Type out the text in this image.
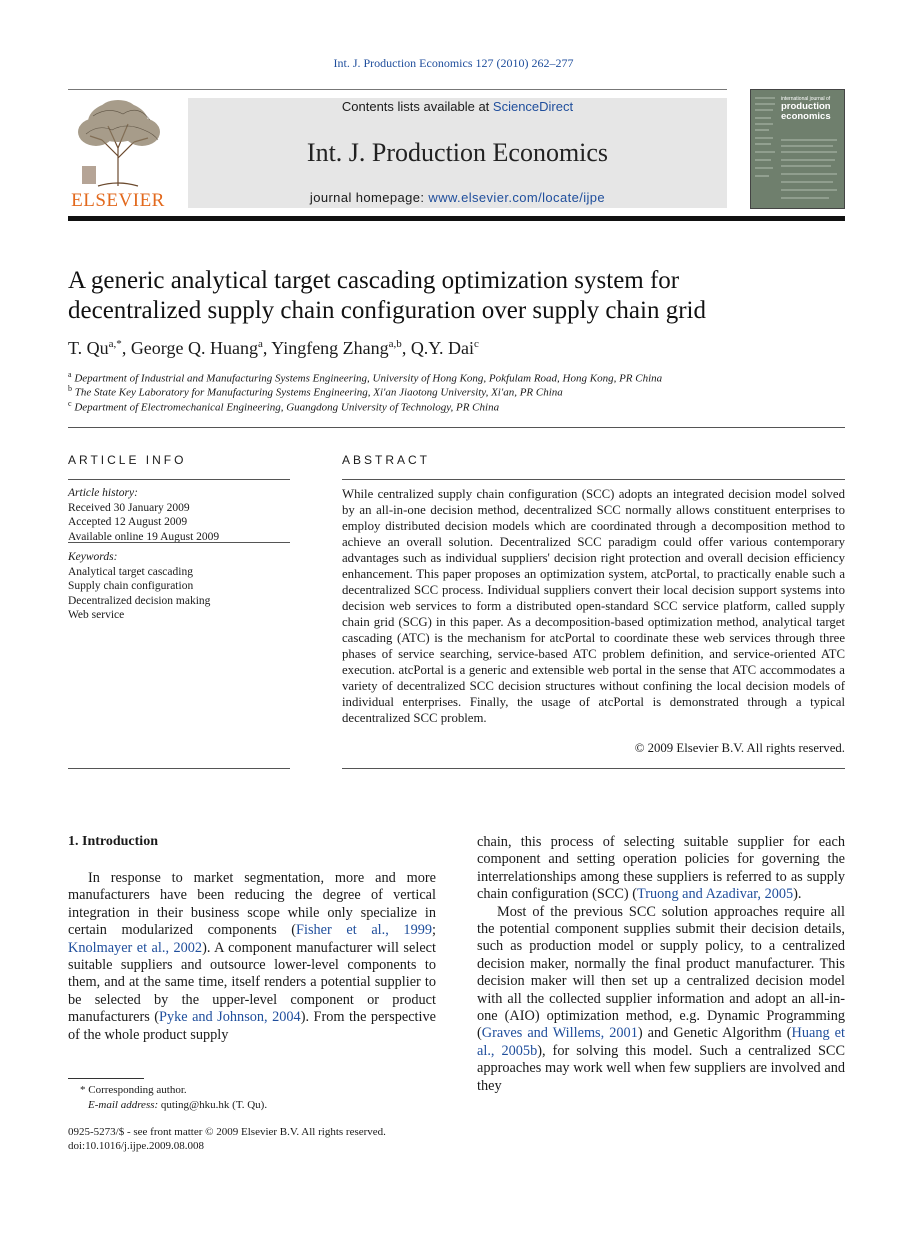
Int. J. Production Economics 127 (2010) 262–277
ELSEVIER
Contents lists available at ScienceDirect
Int. J. Production Economics
journal homepage: www.elsevier.com/locate/ijpe
international journal of
production
economics
A generic analytical target cascading optimization system for
decentralized supply chain configuration over supply chain grid
T. $Qu^{a,*}$, George Q. Huang$^a$, Yingfeng Zhang$^{a,b}$, Q.Y. Dai$^c$
$^a$ Department of Industrial and Manufacturing Systems Engineering, University of Hong Kong, Pokfulam Road, Hong Kong, PR China
$^b$ The State Key Laboratory for Manufacturing Systems Engineering, Xi'an Jiaotong University, Xi'an, PR China
$^c$ Department of Electromechanical Engineering, Guangdong University of Technology, PR China
ARTICLE INFO
Article history:
Received 30 January 2009
Accepted 12 August 2009
Available online 19 August 2009
Keywords:
Analytical target cascading
Supply chain configuration
Decentralized decision making
Web service
ABSTRACT
While centralized supply chain configuration (SCC) adopts an integrated decision model solved by an all-in-one decision method, decentralized SCC normally allows constituent enterprises to employ distributed decision models which are coordinated through a decomposition method to achieve an overall solution. Decentralized SCC paradigm could offer various contemporary advantages such as individual suppliers' decision right protection and overall decision efficiency enhancement. This paper proposes an optimization system, atcPortal, to practically enable such a decentralized SCC process. Individual suppliers convert their local decision support systems into decision web services to form a distributed open-standard SCC service platform, called supply chain grid (SCG) in this paper. As a decomposition-based optimization method, analytical target cascading (ATC) is the mechanism for atcPortal to coordinate these web services through three phases of service searching, service-based ATC problem definition, and service-oriented ATC execution. atcPortal is a generic and extensible web portal in the sense that ATC accommodates a variety of decentralized SCC decision structures without confining the local decision models of individual enterprises. Finally, the usage of atcPortal is demonstrated through a typical decentralized SCC problem.
© 2009 Elsevier B.V. All rights reserved.
1. Introduction

In response to market segmentation, more and more manufacturers have been reducing the degree of vertical integration in their business scope while only specialize in certain modularized components (Fisher et al., 1999; Knolmayer et al., 2002). A component manufacturer will select suitable suppliers and outsource lower-level components to them, and at the same time, itself renders a potential supplier to be selected by the upper-level component or product manufacturers (Pyke and Johnson, 2004). From the perspective of the whole product supply

chain, this process of selecting suitable supplier for each component and setting operation policies for governing the interrelationships among these suppliers is referred to as supply chain configuration (SCC) (Truong and Azadivar, 2005).

Most of the previous SCC solution approaches require all the potential component supplies submit their decision details, such as production model or supply policy, to a centralized decision maker, normally the final product manufacturer. This decision maker will then set up a centralized decision model with all the collected supplier information and adopt an all-in-one (AIO) optimization method, e.g. Dynamic Programming (Graves and Willems, 2001) and Genetic Algorithm (Huang et al., 2005b), for solving this model. Such a centralized SCC approaches may work well when few suppliers are involved and they

* Corresponding author.
E-mail address: quting@hku.hk (T. Qu).
0925-5273/$ - see front matter © 2009 Elsevier B.V. All rights reserved.
doi:10.1016/j.ijpe.2009.08.008
